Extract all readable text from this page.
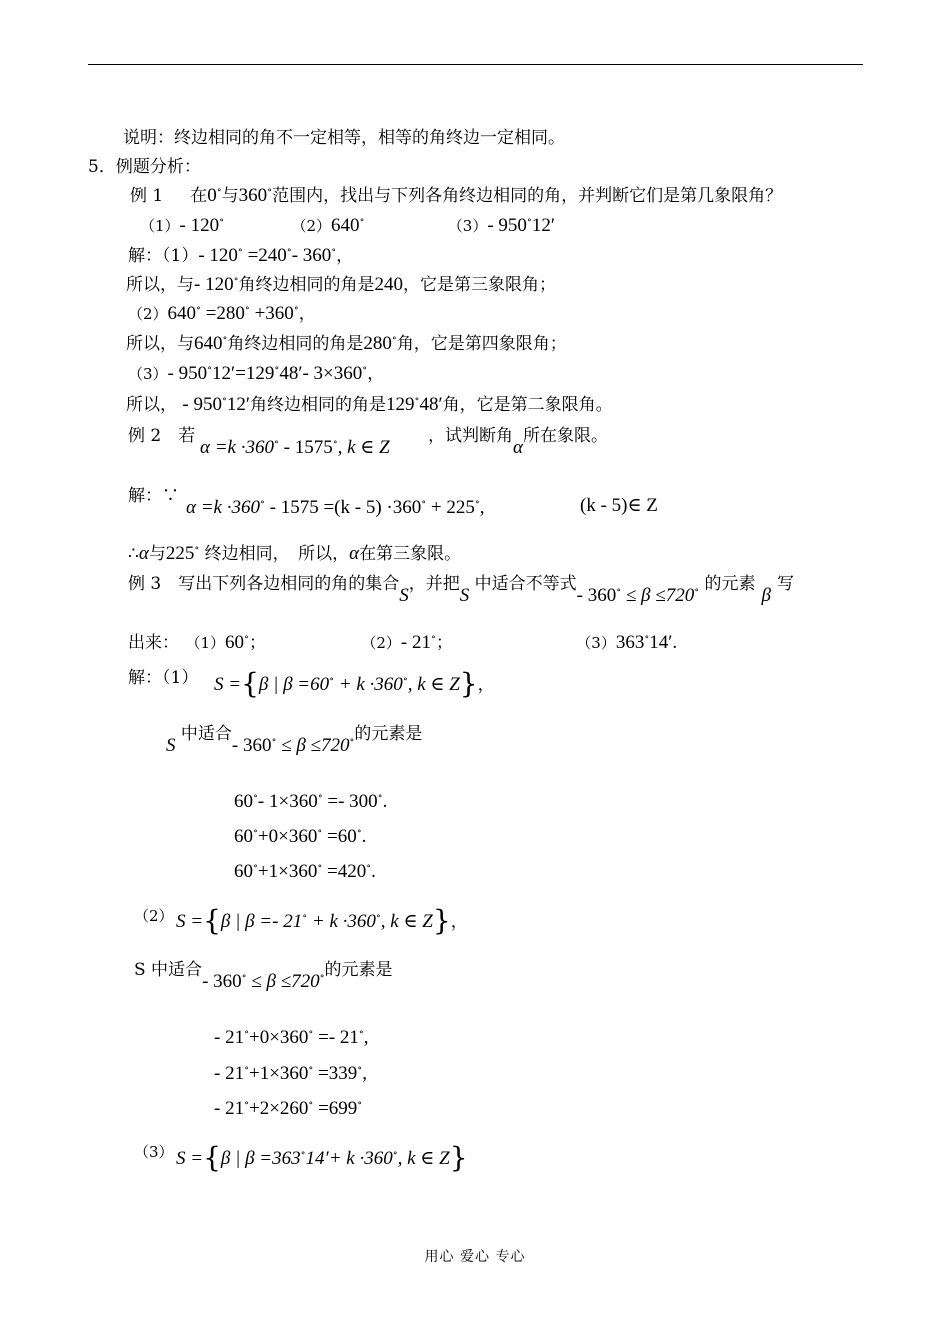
说明：终边相同的角不一定相等，相等的角终边一定相同。
5．例题分析：
例 1 在0∘与360∘范围内，找出与下列各角终边相同的角，并判断它们是第几象限角？
（1）- 120∘	（2）640∘	（3）- 950∘12′
解：（1）- 120∘ =240∘- 360∘，
所以，与- 120∘角终边相同的角是240，它是第三象限角；
（2）640∘ =280∘ +360∘，
所以，与640∘角终边相同的角是280∘角，它是第四象限角；
（3）- 950∘12′=129∘48′- 3×360∘，
所以， - 950∘12′角终边相同的角是129∘48′角，它是第二象限角。
例 2　若
α =k ·360∘ - 1575∘, k ∈ Z
，试判断角α所在象限。
解：∵
α =k ·360∘ - 1575 =(k - 5) ·360∘ + 225∘,	(k - 5)∈ Z
∴α与225∘ 终边相同，　所以，α在第三象限。
例 3　写出下列各边相同的角的集合S，并把S 中适合不等式- 360∘ ≤ β ≤720∘ 的元素β写
出来： （1）60∘；	（2）- 21∘；	（3）363∘14′.
解：（1） S ={β | β =60∘ + k ·360∘, k ∈ Z}，
S 中适合- 360∘ ≤ β ≤720∘的元素是
60∘- 1×360∘ =- 300∘.
60∘+0×360∘ =60∘.
60∘+1×360∘ =420∘.
（2） S ={β | β =- 21∘ + k ·360∘, k ∈ Z}，
S 中适合- 360∘ ≤ β ≤720∘的元素是
- 21∘+0×360∘ =- 21∘,
- 21∘+1×360∘ =339∘,
- 21∘+2×260∘ =699∘
（3） S ={β | β =363∘14′+ k ·360∘, k ∈ Z}
用心 爱心 专心
